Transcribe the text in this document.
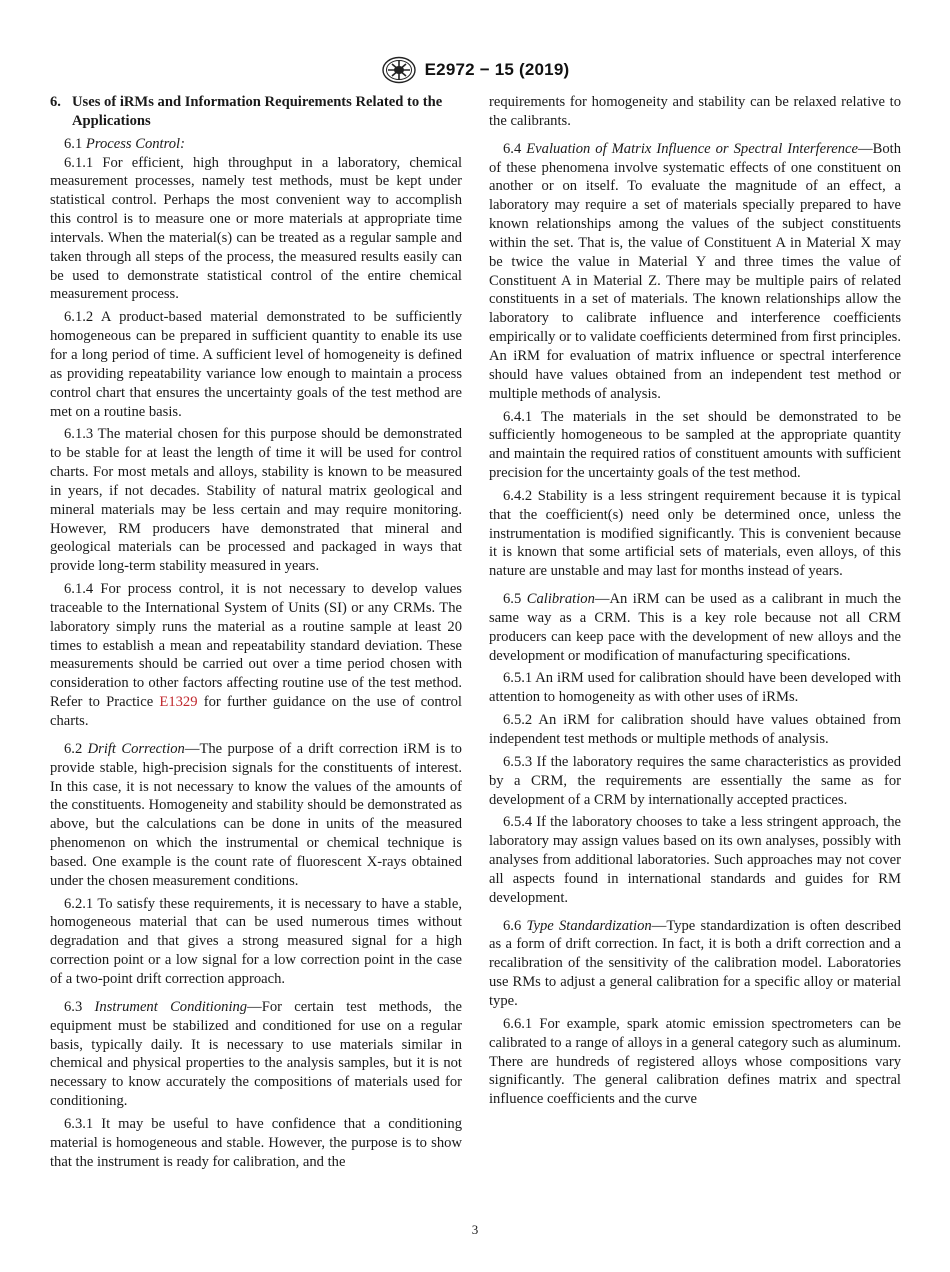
E2972 − 15 (2019)
6. Uses of iRMs and Information Requirements Related to the Applications

6.1 Process Control:

6.1.1 For efficient, high throughput in a laboratory, chemical measurement processes, namely test methods, must be kept under statistical control. Perhaps the most convenient way to accomplish this control is to measure one or more materials at appropriate time intervals. When the material(s) can be treated as a regular sample and taken through all steps of the process, the measured results easily can be used to demonstrate statistical control of the entire chemical measurement process.

6.1.2 A product-based material demonstrated to be sufficiently homogeneous can be prepared in sufficient quantity to enable its use for a long period of time. A sufficient level of homogeneity is defined as providing repeatability variance low enough to maintain a process control chart that ensures the uncertainty goals of the test method are met on a routine basis.

6.1.3 The material chosen for this purpose should be demonstrated to be stable for at least the length of time it will be used for control charts. For most metals and alloys, stability is known to be measured in years, if not decades. Stability of natural matrix geological and mineral materials may be less certain and may require monitoring. However, RM producers have demonstrated that mineral and geological materials can be processed and packaged in ways that provide long-term stability measured in years.

6.1.4 For process control, it is not necessary to develop values traceable to the International System of Units (SI) or any CRMs. The laboratory simply runs the material as a routine sample at least 20 times to establish a mean and repeatability standard deviation. These measurements should be carried out over a time period chosen with consideration to other factors affecting routine use of the test method. Refer to Practice E1329 for further guidance on the use of control charts.

6.2 Drift Correction—The purpose of a drift correction iRM is to provide stable, high-precision signals for the constituents of interest. In this case, it is not necessary to know the values of the amounts of the constituents. Homogeneity and stability should be demonstrated as above, but the calculations can be done in units of the measured phenomenon on which the instrumental or chemical technique is based. One example is the count rate of fluorescent X-rays obtained under the chosen measurement conditions.

6.2.1 To satisfy these requirements, it is necessary to have a stable, homogeneous material that can be used numerous times without degradation and that gives a strong measured signal for a high correction point or a low signal for a low correction point in the case of a two-point drift correction approach.

6.3 Instrument Conditioning—For certain test methods, the equipment must be stabilized and conditioned for use on a regular basis, typically daily. It is necessary to use materials similar in chemical and physical properties to the analysis samples, but it is not necessary to know accurately the compositions of materials used for conditioning.

6.3.1 It may be useful to have confidence that a conditioning material is homogeneous and stable. However, the purpose is to show that the instrument is ready for calibration, and the

requirements for homogeneity and stability can be relaxed relative to the calibrants.

6.4 Evaluation of Matrix Influence or Spectral Interference—Both of these phenomena involve systematic effects of one constituent on another or on itself. To evaluate the magnitude of an effect, a laboratory may require a set of materials specially prepared to have known relationships among the values of the subject constituents within the set. That is, the value of Constituent A in Material X may be twice the value in Material Y and three times the value of Constituent A in Material Z. There may be multiple pairs of related constituents in a set of materials. The known relationships allow the laboratory to calibrate influence and interference coefficients empirically or to validate coefficients determined from first principles. An iRM for evaluation of matrix influence or spectral interference should have values obtained from an independent test method or multiple methods of analysis.

6.4.1 The materials in the set should be demonstrated to be sufficiently homogeneous to be sampled at the appropriate quantity and maintain the required ratios of constituent amounts with sufficient precision for the uncertainty goals of the test method.

6.4.2 Stability is a less stringent requirement because it is typical that the coefficient(s) need only be determined once, unless the instrumentation is modified significantly. This is convenient because it is known that some artificial sets of materials, even alloys, of this nature are unstable and may last for months instead of years.

6.5 Calibration—An iRM can be used as a calibrant in much the same way as a CRM. This is a key role because not all CRM producers can keep pace with the development of new alloys and the development or modification of manufacturing specifications.

6.5.1 An iRM used for calibration should have been developed with attention to homogeneity as with other uses of iRMs.

6.5.2 An iRM for calibration should have values obtained from independent test methods or multiple methods of analysis.

6.5.3 If the laboratory requires the same characteristics as provided by a CRM, the requirements are essentially the same as for development of a CRM by internationally accepted practices.

6.5.4 If the laboratory chooses to take a less stringent approach, the laboratory may assign values based on its own analyses, possibly with analyses from additional laboratories. Such approaches may not cover all aspects found in international standards and guides for RM development.

6.6 Type Standardization—Type standardization is often described as a form of drift correction. In fact, it is both a drift correction and a recalibration of the sensitivity of the calibration model. Laboratories use RMs to adjust a general calibration for a specific alloy or material type.

6.6.1 For example, spark atomic emission spectrometers can be calibrated to a range of alloys in a general category such as aluminum. There are hundreds of registered alloys whose compositions vary significantly. The general calibration defines matrix and spectral influence coefficients and the curve

3
